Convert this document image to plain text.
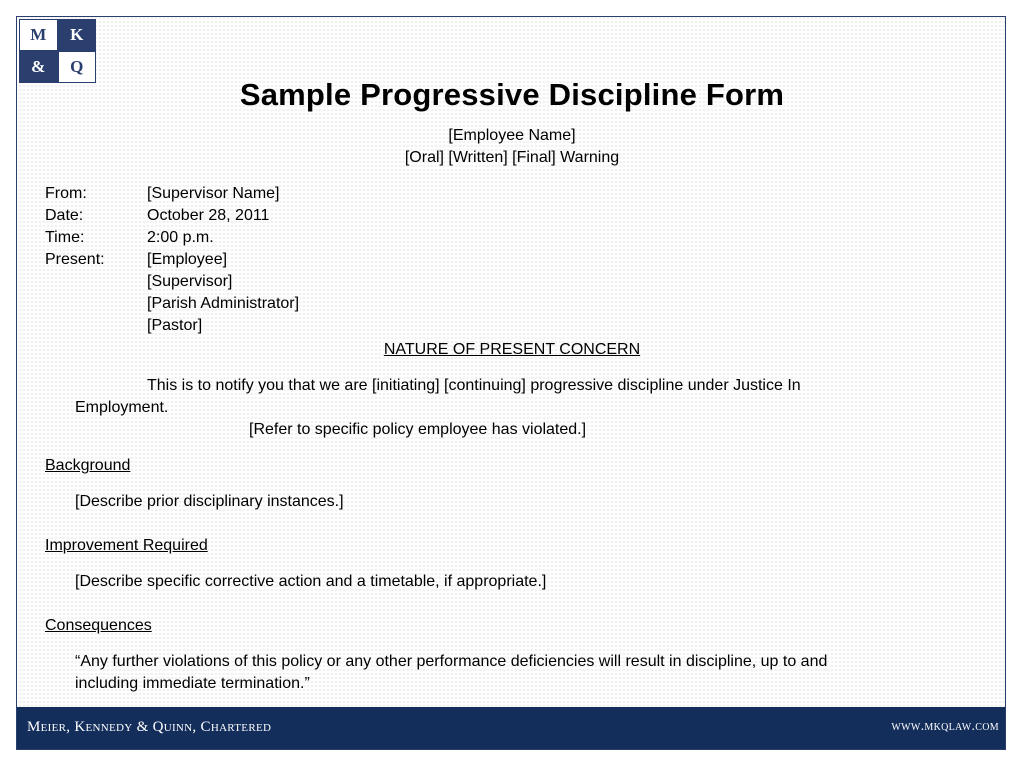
M	K
&	Q
Sample Progressive Discipline Form
[Employee Name]
[Oral] [Written] [Final] Warning
From:	[Supervisor Name]
Date:	October 28, 2011
Time:	2:00 p.m.
Present:	[Employee]
[Supervisor]
[Parish Administrator]
[Pastor]
NATURE OF PRESENT CONCERN
This is to notify you that we are [initiating] [continuing] progressive discipline under Justice In
Employment.
[Refer to specific policy employee has violated.]
Background
[Describe prior disciplinary instances.]
Improvement Required
[Describe specific corrective action and a timetable, if appropriate.]
Consequences
“Any further violations of this policy or any other performance deficiencies will result in discipline, up to and
including immediate termination.”
Meier, Kennedy & Quinn, Chartered	www.mkqlaw.com
